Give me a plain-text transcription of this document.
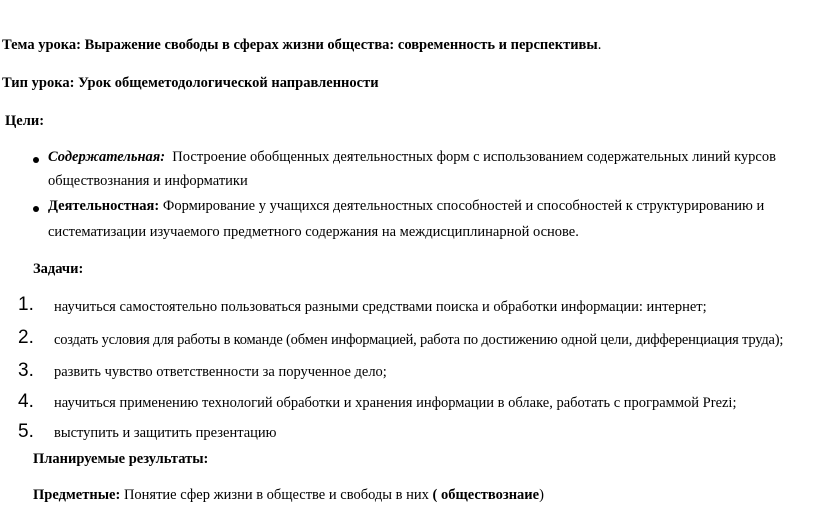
Тема урока: Выражение свободы в сферах жизни общества: современность и перспективы.
Тип урока: Урок общеметодологической направленности
Цели:
Содержательная: Построение обобщенных деятельностных форм с использованием содержательных линий курсов
обществознания и информатики
Деятельностная: Формирование у учащихся деятельностных способностей и способностей к структурированию и
систематизации изучаемого предметного содержания на междисциплинарной основе.
Задачи:
1. научиться самостоятельно пользоваться разными средствами поиска и обработки информации: интернет;
2. создать условия для работы в команде (обмен информацией, работа по достижению одной цели, дифференциация труда);
3. развить чувство ответственности за порученное дело;
4. научиться применению технологий обработки и хранения информации в облаке, работать с программой Prezi;
5. выступить и защитить презентацию
Планируемые результаты:
Предметные: Понятие сфер жизни в обществе и свободы в них ( обществознаие)
